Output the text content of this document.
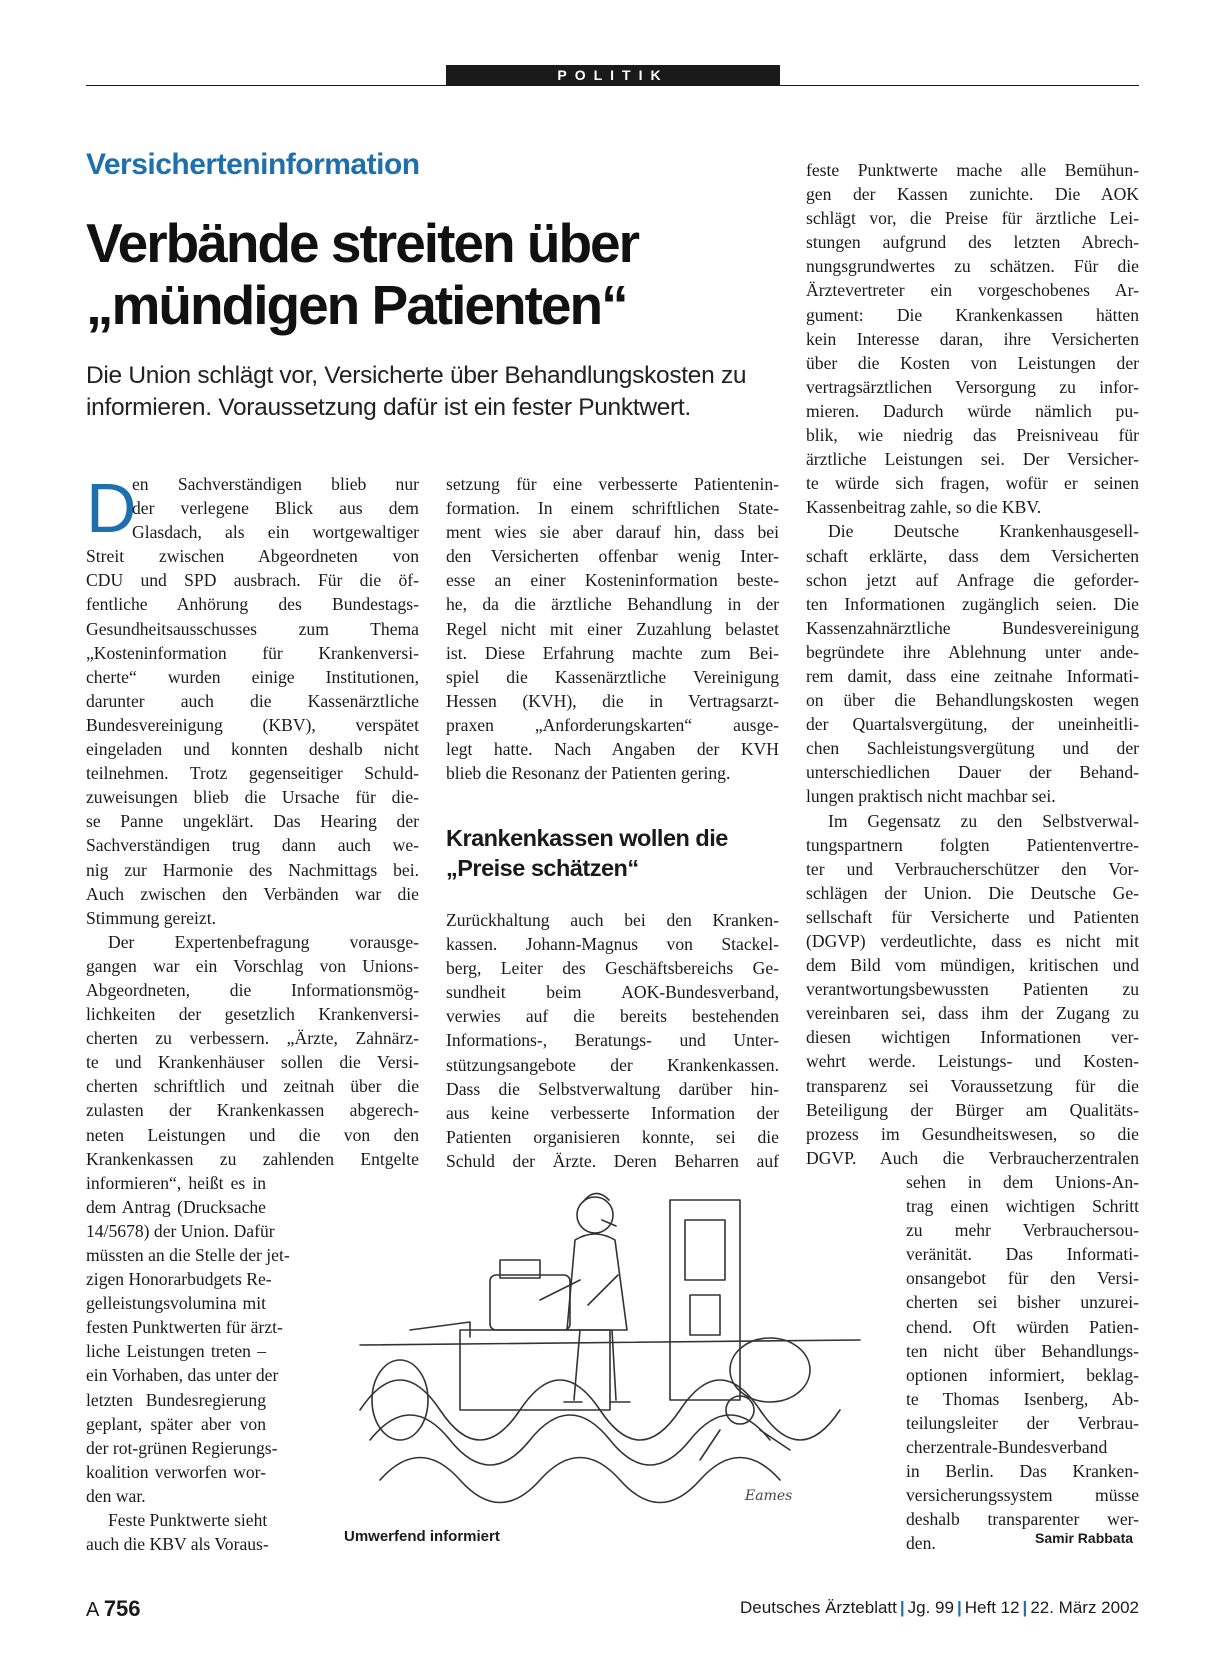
POLITIK
Versicherteninformation
Verbände streiten über
„mündigen Patienten“
Die Union schlägt vor, Versicherte über Behandlungskosten zu
informieren. Voraussetzung dafür ist ein fester Punktwert.
D
en Sachverständigen blieb nur
der verlegene Blick aus dem
Glasdach, als ein wortgewaltiger
Streit zwischen Abgeordneten von
CDU und SPD ausbrach. Für die öf-
fentliche Anhörung des Bundestags-
Gesundheitsausschusses zum Thema
„Kosteninformation für Krankenversi-
cherte“ wurden einige Institutionen,
darunter auch die Kassenärztliche
Bundesvereinigung (KBV), verspätet
eingeladen und konnten deshalb nicht
teilnehmen. Trotz gegenseitiger Schuld-
zuweisungen blieb die Ursache für die-
se Panne ungeklärt. Das Hearing der
Sachverständigen trug dann auch we-
nig zur Harmonie des Nachmittags bei.
Auch zwischen den Verbänden war die
Stimmung gereizt.
Der Expertenbefragung vorausge-
gangen war ein Vorschlag von Unions-
Abgeordneten, die Informationsmög-
lichkeiten der gesetzlich Krankenversi-
cherten zu verbessern. „Ärzte, Zahnärz-
te und Krankenhäuser sollen die Versi-
cherten schriftlich und zeitnah über die
zulasten der Krankenkassen abgerech-
neten Leistungen und die von den
Krankenkassen zu zahlenden Entgelte
informieren“, heißt es in
dem Antrag (Drucksache
14/5678) der Union. Dafür
müssten an die Stelle der jet-
zigen Honorarbudgets Re-
gelleistungsvolumina mit
festen Punktwerten für ärzt-
liche Leistungen treten –
ein Vorhaben, das unter der
letzten Bundesregierung
geplant, später aber von
der rot-grünen Regierungs-
koalition verworfen wor-
den war.
Feste Punktwerte sieht
auch die KBV als Voraus-
setzung für eine verbesserte Patientenin-
formation. In einem schriftlichen State-
ment wies sie aber darauf hin, dass bei
den Versicherten offenbar wenig Inter-
esse an einer Kosteninformation beste-
he, da die ärztliche Behandlung in der
Regel nicht mit einer Zuzahlung belastet
ist. Diese Erfahrung machte zum Bei-
spiel die Kassenärztliche Vereinigung
Hessen (KVH), die in Vertragsarzt-
praxen „Anforderungskarten“ ausge-
legt hatte. Nach Angaben der KVH
blieb die Resonanz der Patienten gering.
Krankenkassen wollen die
„Preise schätzen“
Zurückhaltung auch bei den Kranken-
kassen. Johann-Magnus von Stackel-
berg, Leiter des Geschäftsbereichs Ge-
sundheit beim AOK-Bundesverband,
verwies auf die bereits bestehenden
Informations-, Beratungs- und Unter-
stützungsangebote der Krankenkassen.
Dass die Selbstverwaltung darüber hin-
aus keine verbesserte Information der
Patienten organisieren konnte, sei die
Schuld der Ärzte. Deren Beharren auf
feste Punktwerte mache alle Bemühun-
gen der Kassen zunichte. Die AOK
schlägt vor, die Preise für ärztliche Lei-
stungen aufgrund des letzten Abrech-
nungsgrundwertes zu schätzen. Für die
Ärztevertreter ein vorgeschobenes Ar-
gument: Die Krankenkassen hätten
kein Interesse daran, ihre Versicherten
über die Kosten von Leistungen der
vertragsärztlichen Versorgung zu infor-
mieren. Dadurch würde nämlich pu-
blik, wie niedrig das Preisniveau für
ärztliche Leistungen sei. Der Versicher-
te würde sich fragen, wofür er seinen
Kassenbeitrag zahle, so die KBV.
Die Deutsche Krankenhausgesell-
schaft erklärte, dass dem Versicherten
schon jetzt auf Anfrage die geforder-
ten Informationen zugänglich seien. Die
Kassenzahnärztliche Bundesvereinigung
begründete ihre Ablehnung unter ande-
rem damit, dass eine zeitnahe Informati-
on über die Behandlungskosten wegen
der Quartalsvergütung, der uneinheitli-
chen Sachleistungsvergütung und der
unterschiedlichen Dauer der Behand-
lungen praktisch nicht machbar sei.
Im Gegensatz zu den Selbstverwal-
tungspartnern folgten Patientenvertre-
ter und Verbraucherschützer den Vor-
schlägen der Union. Die Deutsche Ge-
sellschaft für Versicherte und Patienten
(DGVP) verdeutlichte, dass es nicht mit
dem Bild vom mündigen, kritischen und
verantwortungsbewussten Patienten zu
vereinbaren sei, dass ihm der Zugang zu
diesen wichtigen Informationen ver-
wehrt werde. Leistungs- und Kosten-
transparenz sei Voraussetzung für die
Beteiligung der Bürger am Qualitäts-
prozess im Gesundheitswesen, so die
DGVP. Auch die Verbraucherzentralen
sehen in dem Unions-An-
trag einen wichtigen Schritt
zu mehr Verbrauchersou-
veränität. Das Informati-
onsangebot für den Versi-
cherten sei bisher unzurei-
chend. Oft würden Patien-
ten nicht über Behandlungs-
optionen informiert, beklag-
te Thomas Isenberg, Ab-
teilungsleiter der Verbrau-
cherzentrale-Bundesverband
in Berlin. Das Kranken-
versicherungssystem müsse
deshalb transparenter wer-
den.
Eames
Umwerfend informiert	Samir Rabbata
A 756	Deutsches Ärzteblatt | Jg. 99 | Heft 12 | 22. März 2002
